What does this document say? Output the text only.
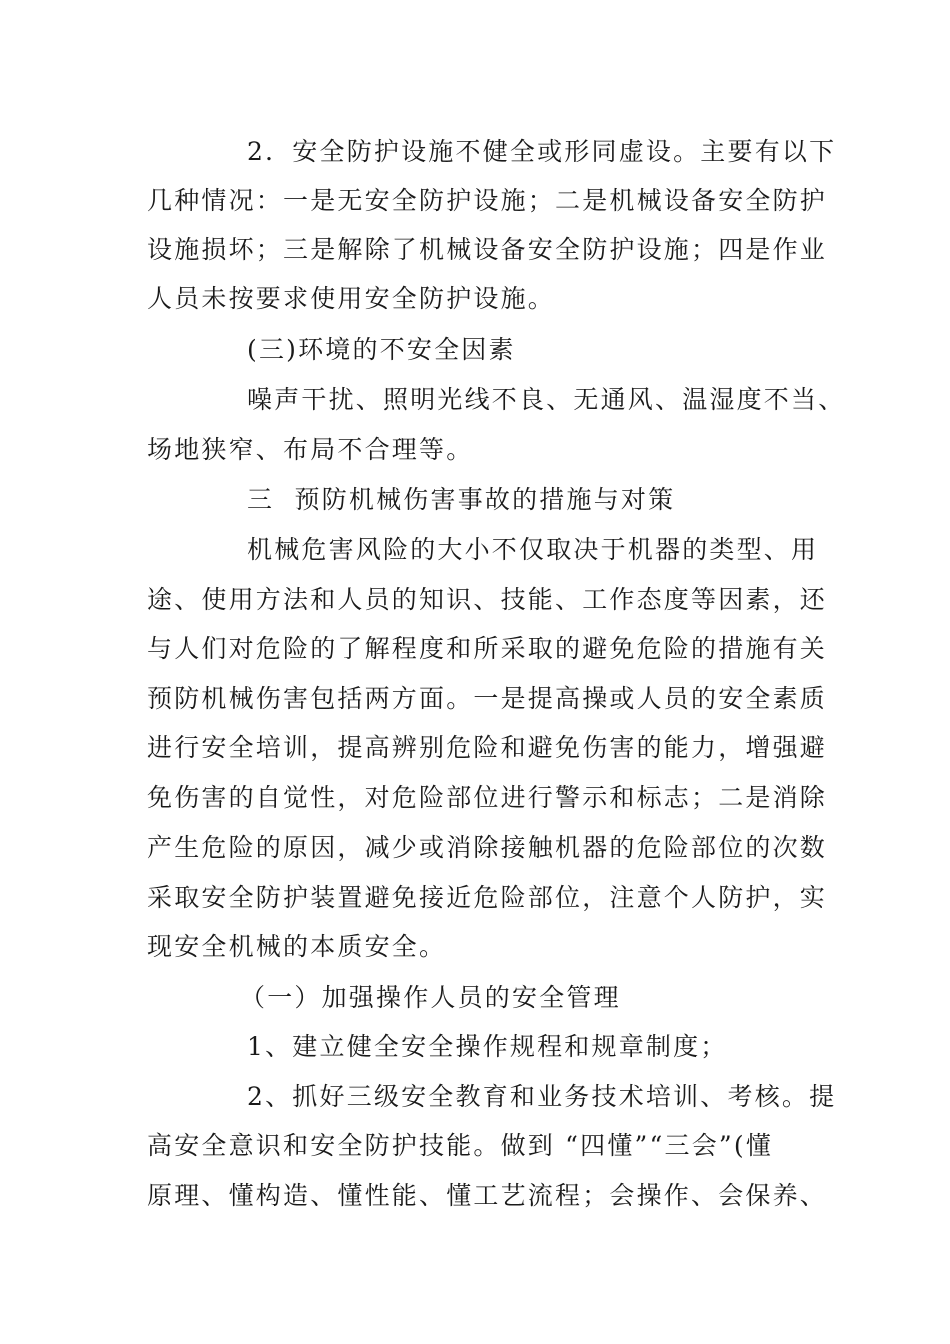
2．安全防护设施不健全或形同虚设。主要有以下
几种情况：一是无安全防护设施；二是机械设备安全防护
设施损坏；三是解除了机械设备安全防护设施；四是作业
人员未按要求使用安全防护设施。
(三)环境的不安全因素
噪声干扰、照明光线不良、无通风、温湿度不当、
场地狭窄、布局不合理等。
三  预防机械伤害事故的措施与对策
机械危害风险的大小不仅取决于机器的类型、用
途、使用方法和人员的知识、技能、工作态度等因素，还
与人们对危险的了解程度和所采取的避免危险的措施有关
预防机械伤害包括两方面。一是提高操或人员的安全素质
进行安全培训，提高辨别危险和避免伤害的能力，增强避
免伤害的自觉性，对危险部位进行警示和标志；二是消除
产生危险的原因，减少或消除接触机器的危险部位的次数
采取安全防护装置避免接近危险部位，注意个人防护，实
现安全机械的本质安全。
（一）加强操作人员的安全管理
1、建立健全安全操作规程和规章制度；
2、抓好三级安全教育和业务技术培训、考核。提
高安全意识和安全防护技能。做到 “四懂”“三会”(懂
原理、懂构造、懂性能、懂工艺流程；会操作、会保养、
